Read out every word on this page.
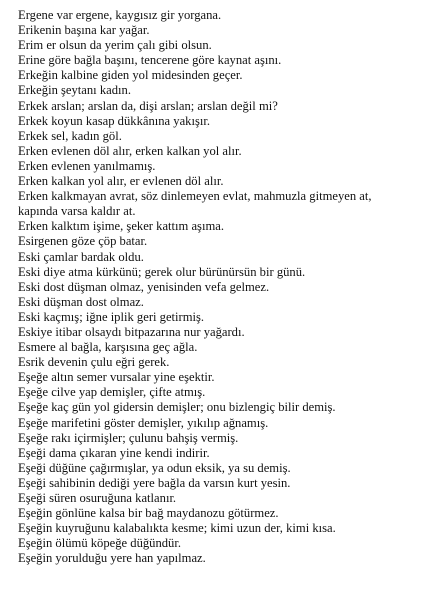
Ergene var ergene, kaygısız gir yorgana.
Erikenin başına kar yağar.
Erim er olsun da yerim çalı gibi olsun.
Erine göre bağla başını, tencerene göre kaynat aşını.
Erkeğin kalbine giden yol midesinden geçer.
Erkeğin şeytanı kadın.
Erkek arslan; arslan da, dişi arslan; arslan değil mi?
Erkek koyun kasap dükkânına yakışır.
Erkek sel, kadın göl.
Erken evlenen döl alır, erken kalkan yol alır.
Erken evlenen yanılmamış.
Erken kalkan yol alır, er evlenen döl alır.
Erken kalkmayan avrat, söz dinlemeyen evlat, mahmuzla gitmeyen at,
kapında varsa kaldır at.
Erken kalktım işime, şeker kattım aşıma.
Esirgenen göze çöp batar.
Eski çamlar bardak oldu.
Eski diye atma kürkünü; gerek olur bürünürsün bir günü.
Eski dost düşman olmaz, yenisinden vefa gelmez.
Eski düşman dost olmaz.
Eski kaçmış; iğne iplik geri getirmiş.
Eskiye itibar olsaydı bitpazarına nur yağardı.
Esmere al bağla, karşısına geç ağla.
Esrik devenin çulu eğri gerek.
Eşeğe altın semer vursalar yine eşektir.
Eşeğe cilve yap demişler, çifte atmış.
Eşeğe kaç gün yol gidersin demişler; onu bizlengiç bilir demiş.
Eşeğe marifetini göster demişler, yıkılıp ağnamış.
Eşeğe rakı içirmişler; çulunu bahşiş vermiş.
Eşeği dama çıkaran yine kendi indirir.
Eşeği düğüne çağırmışlar, ya odun eksik, ya su demiş.
Eşeği sahibinin dediği yere bağla da varsın kurt yesin.
Eşeği süren osuruğuna katlanır.
Eşeğin gönlüne kalsa bir bağ maydanozu götürmez.
Eşeğin kuyruğunu kalabalıkta kesme; kimi uzun der, kimi kısa.
Eşeğin ölümü köpeğe düğündür.
Eşeğin yorulduğu yere han yapılmaz.
